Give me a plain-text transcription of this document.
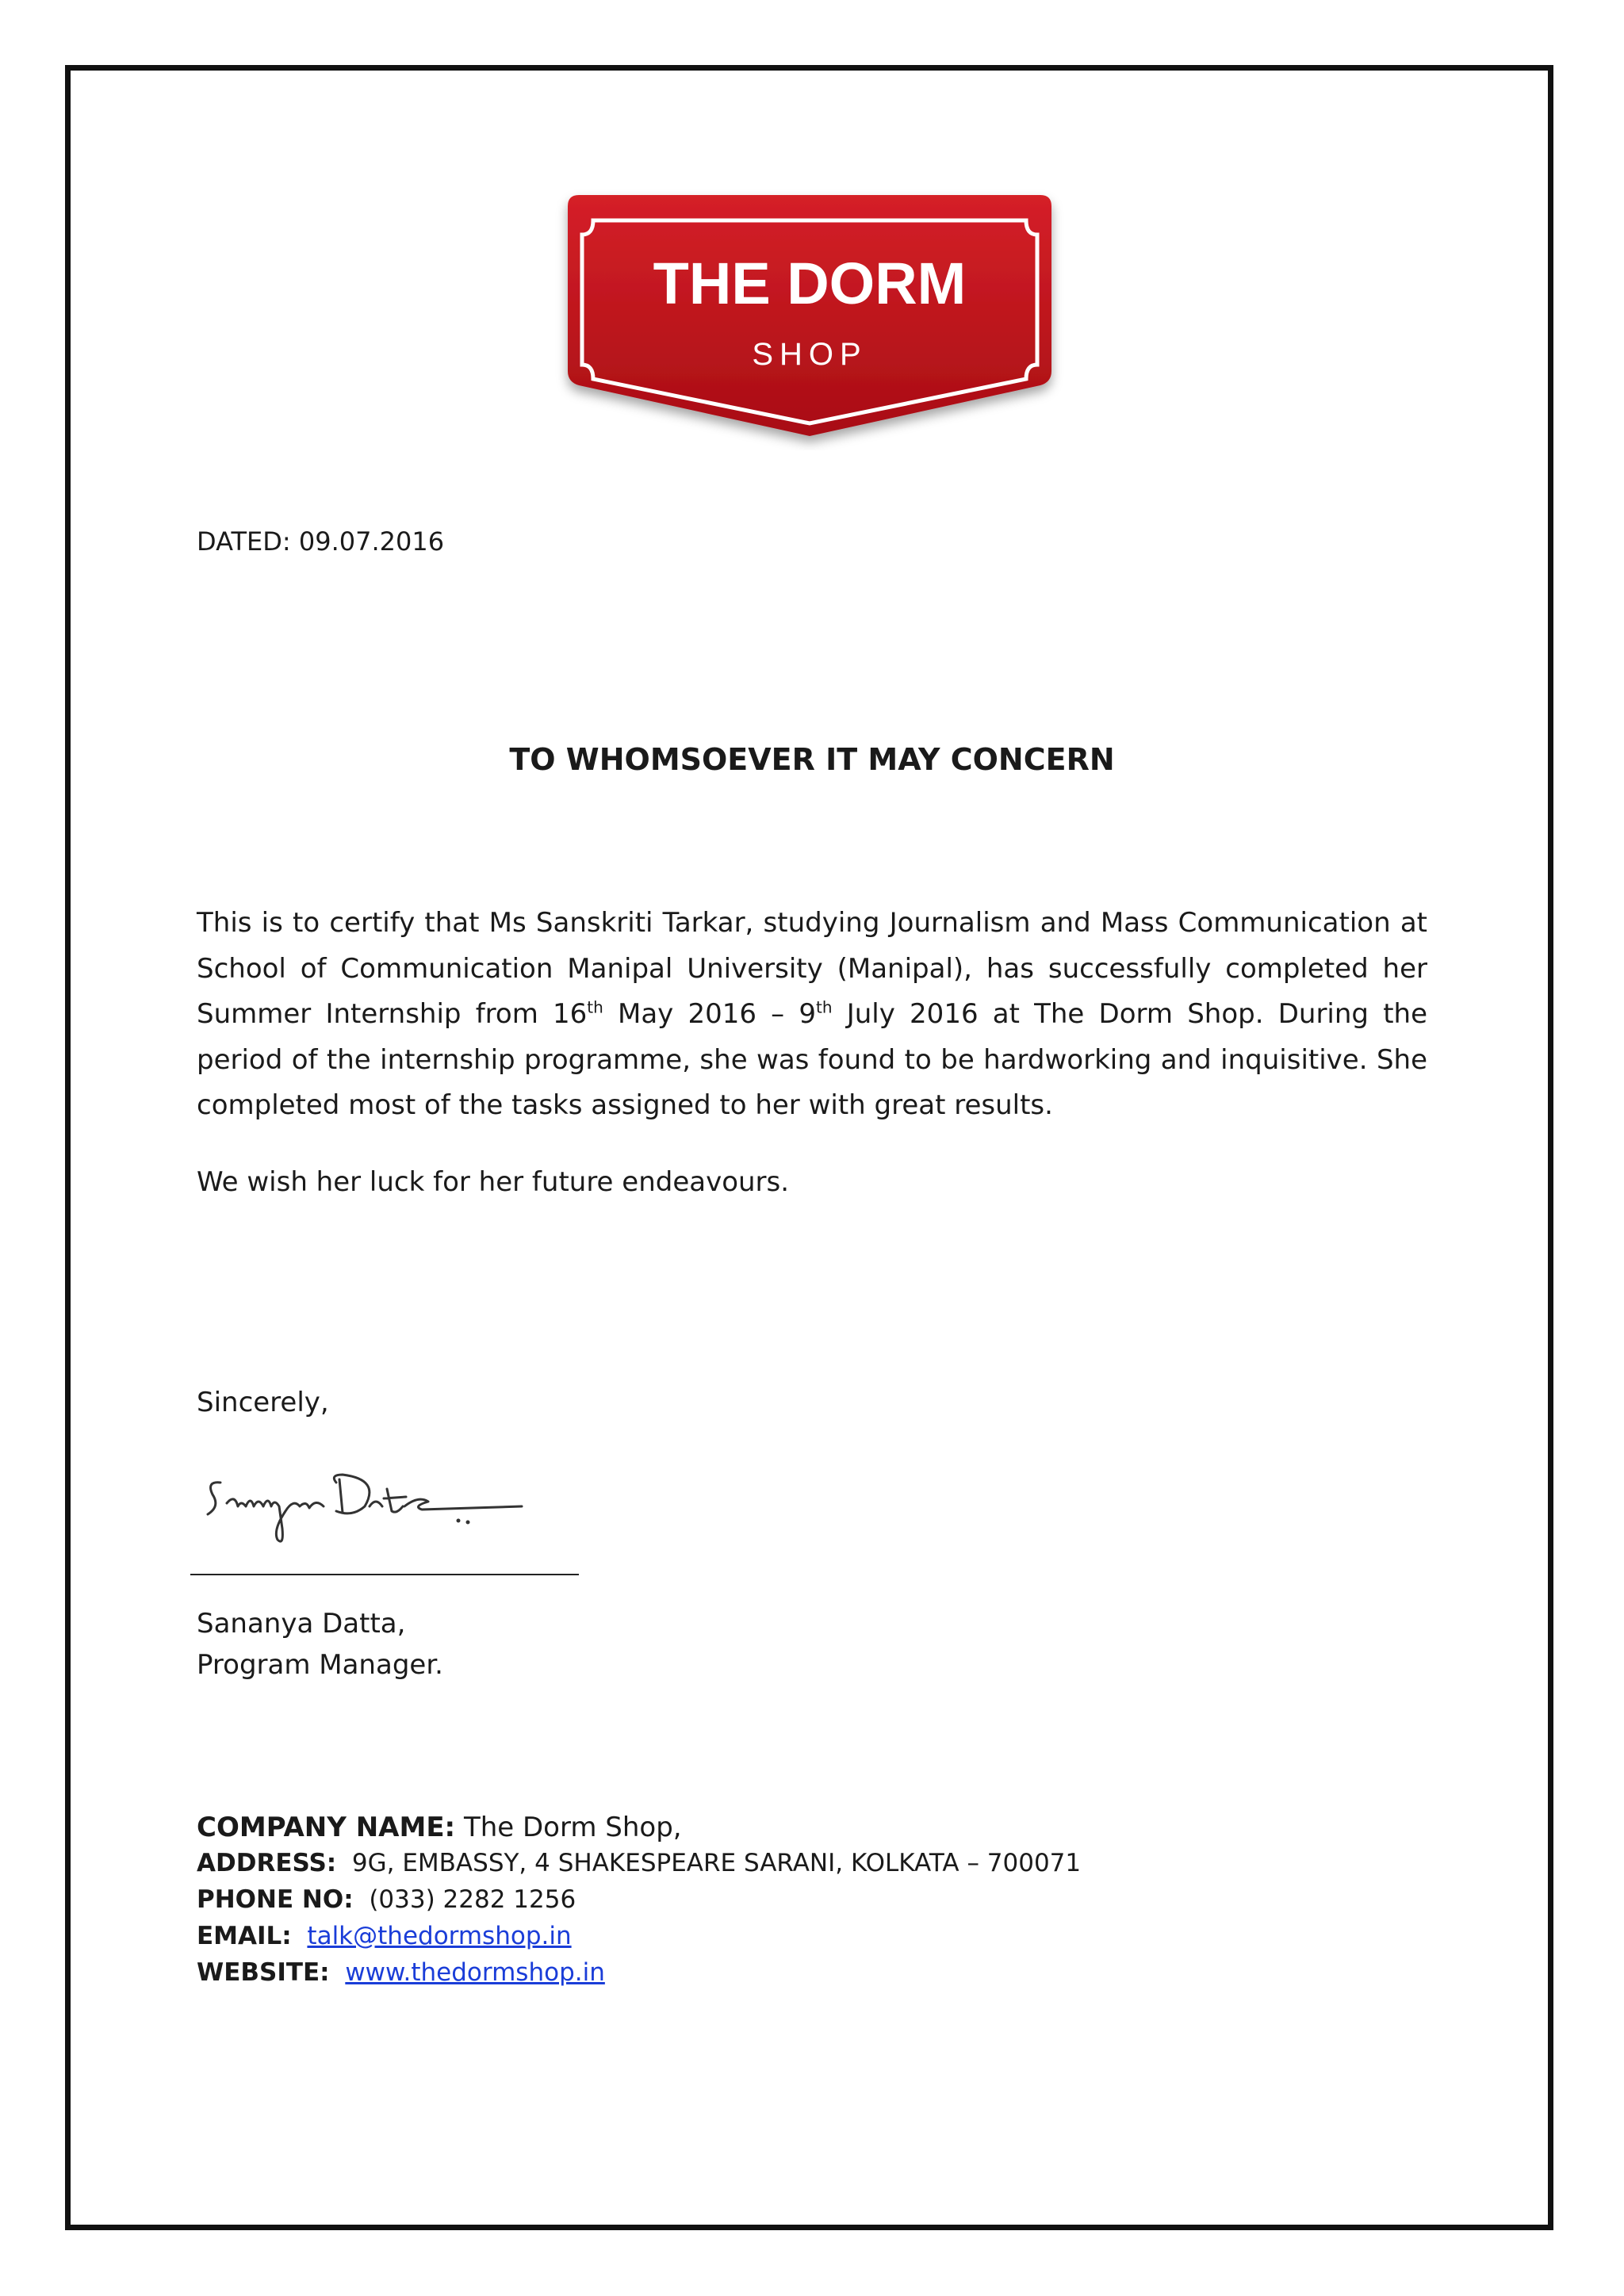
THE DORM
SHOP
DATED: 09.07.2016
TO WHOMSOEVER IT MAY CONCERN
This is to certify that Ms Sanskriti Tarkar, studying Journalism and Mass Communication at School of Communication Manipal University (Manipal), has successfully completed her Summer Internship from 16th May 2016 – 9th July 2016 at The Dorm Shop. During the period of the internship programme, she was found to be hardworking and inquisitive. She completed most of the tasks assigned to her with great results.
We wish her luck for her future endeavours.
Sincerely,
Sananya Datta,
Program Manager.
COMPANY NAME: The Dorm Shop,
ADDRESS:  9G, EMBASSY, 4 SHAKESPEARE SARANI, KOLKATA – 700071
PHONE NO:  (033) 2282 1256
EMAIL: talk@thedormshop.in
WEBSITE: www.thedormshop.in
